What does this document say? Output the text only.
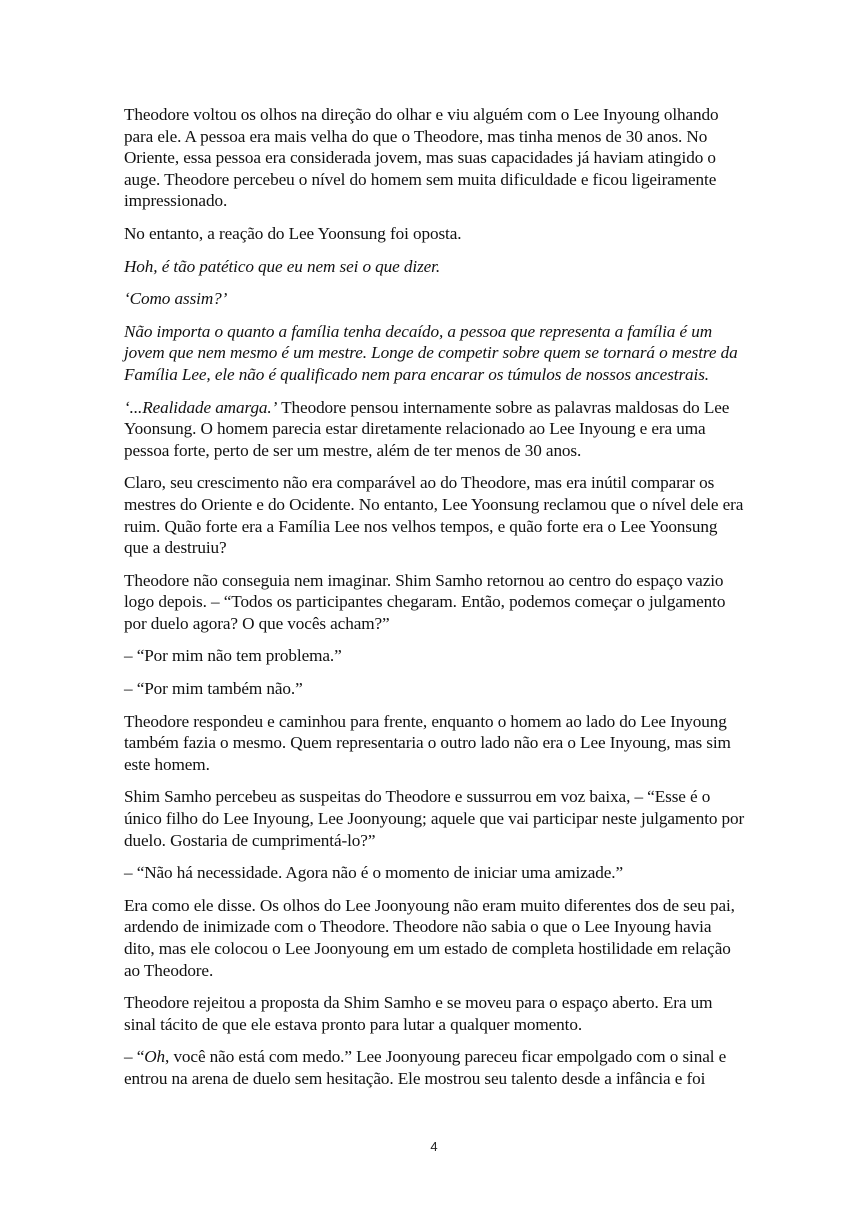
Theodore voltou os olhos na direção do olhar e viu alguém com o Lee Inyoung olhando para ele. A pessoa era mais velha do que o Theodore, mas tinha menos de 30 anos. No Oriente, essa pessoa era considerada jovem, mas suas capacidades já haviam atingido o auge. Theodore percebeu o nível do homem sem muita dificuldade e ficou ligeiramente impressionado.

No entanto, a reação do Lee Yoonsung foi oposta.

Hoh, é tão patético que eu nem sei o que dizer.

‘Como assim?’

Não importa o quanto a família tenha decaído, a pessoa que representa a família é um jovem que nem mesmo é um mestre. Longe de competir sobre quem se tornará o mestre da Família Lee, ele não é qualificado nem para encarar os túmulos de nossos ancestrais.

‘...Realidade amarga.’ Theodore pensou internamente sobre as palavras maldosas do Lee Yoonsung. O homem parecia estar diretamente relacionado ao Lee Inyoung e era uma pessoa forte, perto de ser um mestre, além de ter menos de 30 anos.

Claro, seu crescimento não era comparável ao do Theodore, mas era inútil comparar os mestres do Oriente e do Ocidente. No entanto, Lee Yoonsung reclamou que o nível dele era ruim. Quão forte era a Família Lee nos velhos tempos, e quão forte era o Lee Yoonsung que a destruiu?

Theodore não conseguia nem imaginar. Shim Samho retornou ao centro do espaço vazio logo depois. – “Todos os participantes chegaram. Então, podemos começar o julgamento por duelo agora? O que vocês acham?”

– “Por mim não tem problema.”

– “Por mim também não.”

Theodore respondeu e caminhou para frente, enquanto o homem ao lado do Lee Inyoung também fazia o mesmo. Quem representaria o outro lado não era o Lee Inyoung, mas sim este homem.

Shim Samho percebeu as suspeitas do Theodore e sussurrou em voz baixa, – “Esse é o único filho do Lee Inyoung, Lee Joonyoung; aquele que vai participar neste julgamento por duelo. Gostaria de cumprimentá-lo?”

– “Não há necessidade. Agora não é o momento de iniciar uma amizade.”

Era como ele disse. Os olhos do Lee Joonyoung não eram muito diferentes dos de seu pai, ardendo de inimizade com o Theodore. Theodore não sabia o que o Lee Inyoung havia dito, mas ele colocou o Lee Joonyoung em um estado de completa hostilidade em relação ao Theodore.

Theodore rejeitou a proposta da Shim Samho e se moveu para o espaço aberto. Era um sinal tácito de que ele estava pronto para lutar a qualquer momento.

– “Oh, você não está com medo.” Lee Joonyoung pareceu ficar empolgado com o sinal e entrou na arena de duelo sem hesitação. Ele mostrou seu talento desde a infância e foi

4
